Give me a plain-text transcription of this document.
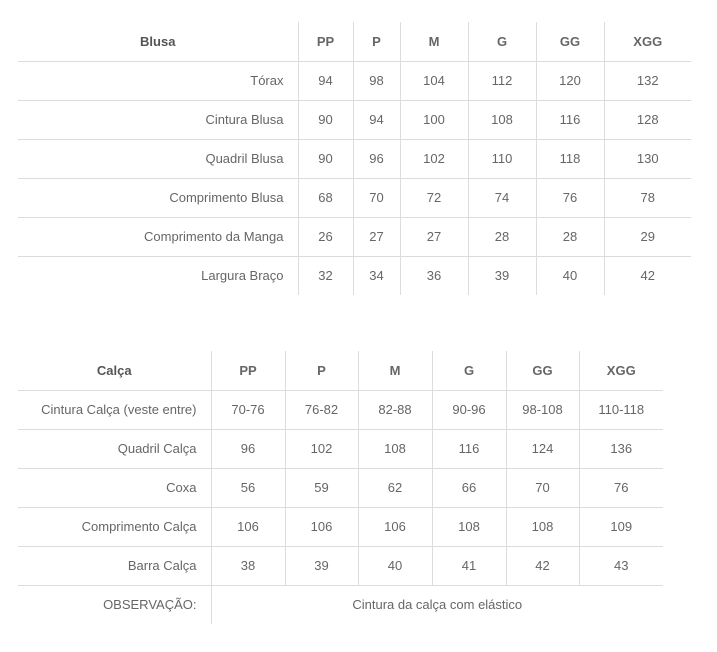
Blusa	PP	P	M	G	GG	XGG
Tórax	94	98	104	112	120	132
Cintura Blusa	90	94	100	108	116	128
Quadril Blusa	90	96	102	110	118	130
Comprimento Blusa	68	70	72	74	76	78
Comprimento da Manga	26	27	27	28	28	29
Largura Braço	32	34	36	39	40	42
Calça	PP	P	M	G	GG	XGG
Cintura Calça (veste entre)	70-76	76-82	82-88	90-96	98-108	110-118
Quadril Calça	96	102	108	116	124	136
Coxa	56	59	62	66	70	76
Comprimento Calça	106	106	106	108	108	109
Barra Calça	38	39	40	41	42	43
OBSERVAÇÃO:	Cintura da calça com elástico					
